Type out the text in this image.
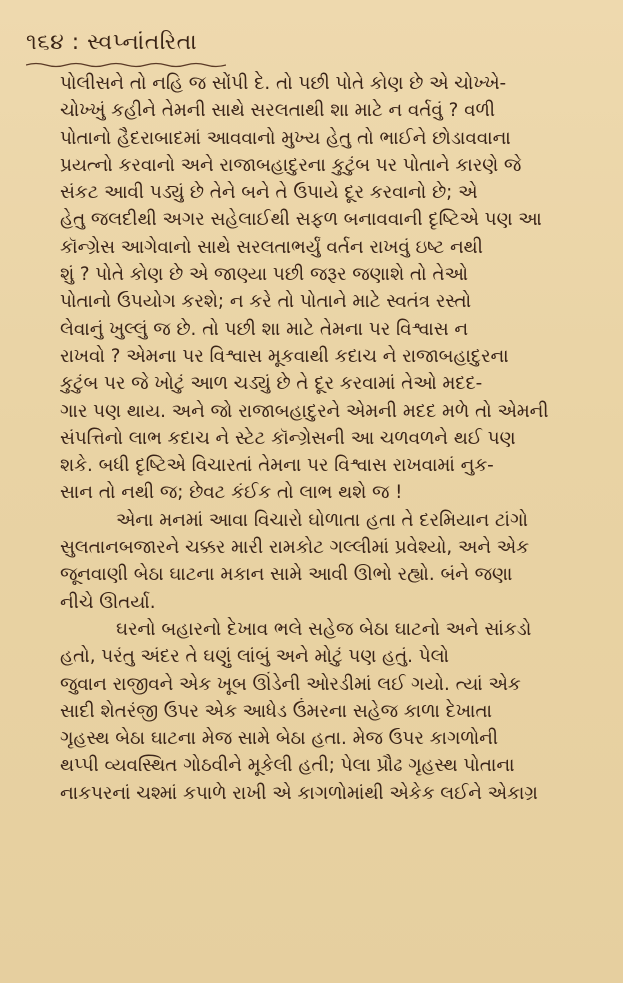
૧૬૪ : સ્વપ્નાંતરિતા
પોલીસને તો નહિ જ સોંપી દે. તો પછી પોતે કોણ છે એ ચોખ્ખે-
ચોખ્ખું કહીને તેમની સાથે સરલતાથી શા માટે ન વર્તવું ? વળી
પોતાનો હૈદરાબાદમાં આવવાનો મુખ્ય હેતુ તો ભાઈને છોડાવવાના
પ્રયત્નો કરવાનો અને રાજાબહાદુરના કુટુંબ પર પોતાને કારણે જે
સંકટ આવી પડ્યું છે તેને બને તે ઉપાયે દૂર કરવાનો છે; એ
હેતુ જલદીથી અગર સહેલાઈથી સફળ બનાવવાની દૃષ્ટિએ પણ આ
કૉન્ગ્રેસ આગેવાનો સાથે સરલતાભર્યું વર્તન રાખવું ઇષ્ટ નથી
શું ? પોતે કોણ છે એ જાણ્યા પછી જરૂર જણાશે તો તેઓ
પોતાનો ઉપયોગ કરશે; ન કરે તો પોતાને માટે સ્વતંત્ર રસ્તો
લેવાનું ખુલ્લું જ છે. તો પછી શા માટે તેમના પર વિશ્વાસ ન
રાખવો ? એમના પર વિશ્વાસ મૂકવાથી કદાચ ને રાજાબહાદુરના
કુટુંબ પર જે ખોટું આળ ચડ્યું છે તે દૂર કરવામાં તેઓ મદદ-
ગાર પણ થાય. અને જો રાજાબહાદુરને એમની મદદ મળે તો એમની
સંપત્તિનો લાભ કદાચ ને સ્ટેટ કૉન્ગ્રેસની આ ચળવળને થઈ પણ
શકે. બધી દૃષ્ટિએ વિચારતાં તેમના પર વિશ્વાસ રાખવામાં નુક-
સાન તો નથી જ; છેવટ કંઈક તો લાભ થશે જ !
એના મનમાં આવા વિચારો ઘોળાતા હતા તે દરમિયાન ટાંગો
સુલતાનબજારને ચક્કર મારી રામકોટ ગલ્લીમાં પ્રવેશ્યો, અને એક
જૂનવાણી બેઠા ઘાટના મકાન સામે આવી ઊભો રહ્યો. બંને જણા
નીચે ઊતર્યા.
ઘરનો બહારનો દેખાવ ભલે સહેજ બેઠા ઘાટનો અને સાંકડો
હતો, પરંતુ અંદર તે ઘણું લાંબું અને મોટું પણ હતું. પેલો
જુવાન રાજીવને એક ખૂબ ઊંડેની ઓરડીમાં લઈ ગયો. ત્યાં એક
સાદી શેતરંજી ઉપર એક આધેડ ઉંમરના સહેજ કાળા દેખાતા
ગૃહસ્થ બેઠા ઘાટના મેજ સામે બેઠા હતા. મેજ ઉપર કાગળોની
થપ્પી વ્યવસ્થિત ગોઠવીને મૂકેલી હતી; પેલા પ્રૌઢ ગૃહસ્થ પોતાના
નાકપરનાં ચશ્માં કપાળે રાખી એ કાગળોમાંથી એકેક લઈને એકાગ્ર
